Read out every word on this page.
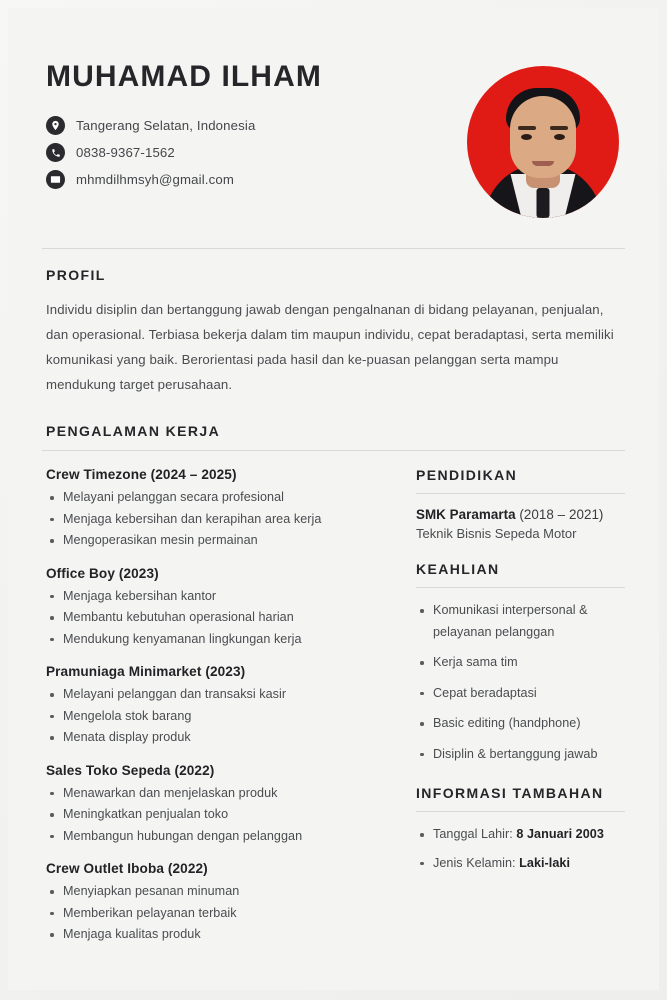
MUHAMAD ILHAM
Tangerang Selatan, Indonesia
0838-9367-1562
mhmdilhmsyh@gmail.com
PROFIL
Individu disiplin dan bertanggung jawab dengan pengalnanan di bidang pelayanan, penjualan, dan operasional. Terbiasa bekerja dalam tim maupun individu, cepat beradaptasi, serta memiliki komunikasi yang baik. Berorientasi pada hasil dan ke-puasan pelanggan serta mampu mendukung target perusahaan.
PENGALAMAN KERJA
Crew Timezone (2024 – 2025)
Melayani pelanggan secara profesional
Menjaga kebersihan dan kerapihan area kerja
Mengoperasikan mesin permainan
Office Boy (2023)
Menjaga kebersihan kantor
Membantu kebutuhan operasional harian
Mendukung kenyamanan lingkungan kerja
Pramuniaga Minimarket (2023)
Melayani pelanggan dan transaksi kasir
Mengelola stok barang
Menata display produk
Sales Toko Sepeda (2022)
Menawarkan dan menjelaskan produk
Meningkatkan penjualan toko
Membangun hubungan dengan pelanggan
Crew Outlet Iboba (2022)
Menyiapkan pesanan minuman
Memberikan pelayanan terbaik
Menjaga kualitas produk
PENDIDIKAN
SMK Paramarta (2018 – 2021)
Teknik Bisnis Sepeda Motor
KEAHLIAN
Komunikasi interpersonal & pelayanan pelanggan
Kerja sama tim
Cepat beradaptasi
Basic editing (handphone)
Disiplin & bertanggung jawab
INFORMASI TAMBAHAN
Tanggal Lahir: 8 Januari 2003
Jenis Kelamin: Laki-laki
